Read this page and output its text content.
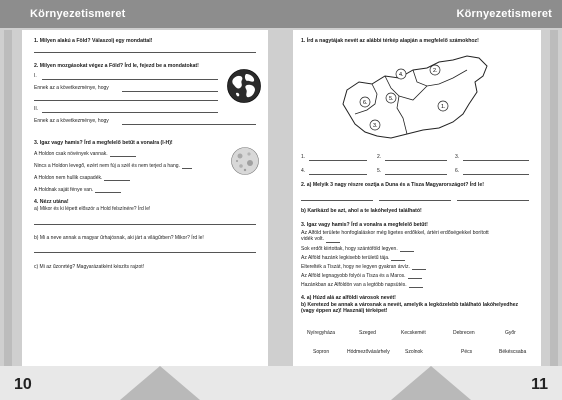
Környezetismeret
1. Milyen alakú a Föld? Válaszolj egy mondattal!
2. Milyen mozgásokat végez a Föld? Írd le, fejezd be a mondatokat!
I.
Ennek az a következménye, hogy
II.
Ennek az a következménye, hogy
3. Igaz vagy hamis? Írd a megfelelő betűt a vonalra (I-H)!
A Holdon csak növények vannak.
Nincs a Holdon levegő, ezért nem fúj a szél és nem terjed a hang.
A Holdon nem hullik csapadék.
A Holdnak saját fénye van.
4. Nézz utána!
a) Mikor és ki lépett először a Hold felszínére? Írd le!
b) Mi a neve annak a magyar űrhajósnak, aki járt a világűrben? Mikor? Írd le!
c) Mi az űzonrtég? Magyarázatként készíts rajzot!
10
Környezetismeret
1. Írd a nagytájak nevét az alábbi térkép alapján a megfelelő számokhoz!
1.
2.
3.
4.
5.
6.
1.	2.	3.
4.	5.	6.
2. a) Melyik 3 nagy részre osztja a Duna és a Tisza Magyarországot? Írd le!
b) Karikázd be azt, ahol a te lakóhelyed található!
3. Igaz vagy hamis? Írd a vonalra a megfelelő betűt!
Az Alföld területe honfoglaláskor még ligetes erdőkkel, ártéri erdőségekkel borított vidék volt.
Sok erdőt kiirtottak, hogy szántóföld legyen.
Az Alföld hazánk legkisebb területű tája.
Elterelték a Tiszát, hogy ne legyen gyakran árvíz.
Az Alföld legnagyobb folyói a Tisza és a Maros.
Hazánkban az Alföldön van a legtöbb napsütés.
4. a) Húzd alá az alföldi városok nevét!
b) Keretezd be annak a városnak a nevét, amelyik a legközelebb található lakóhelyedhez (vagy éppen az)! Használj térképet!
Nyíregyháza	Szeged	Kecskemét	Debrecen	Győr
Sopron	Hódmezővásárhely	Szolnok	Pécs	Békéscsaba
11
